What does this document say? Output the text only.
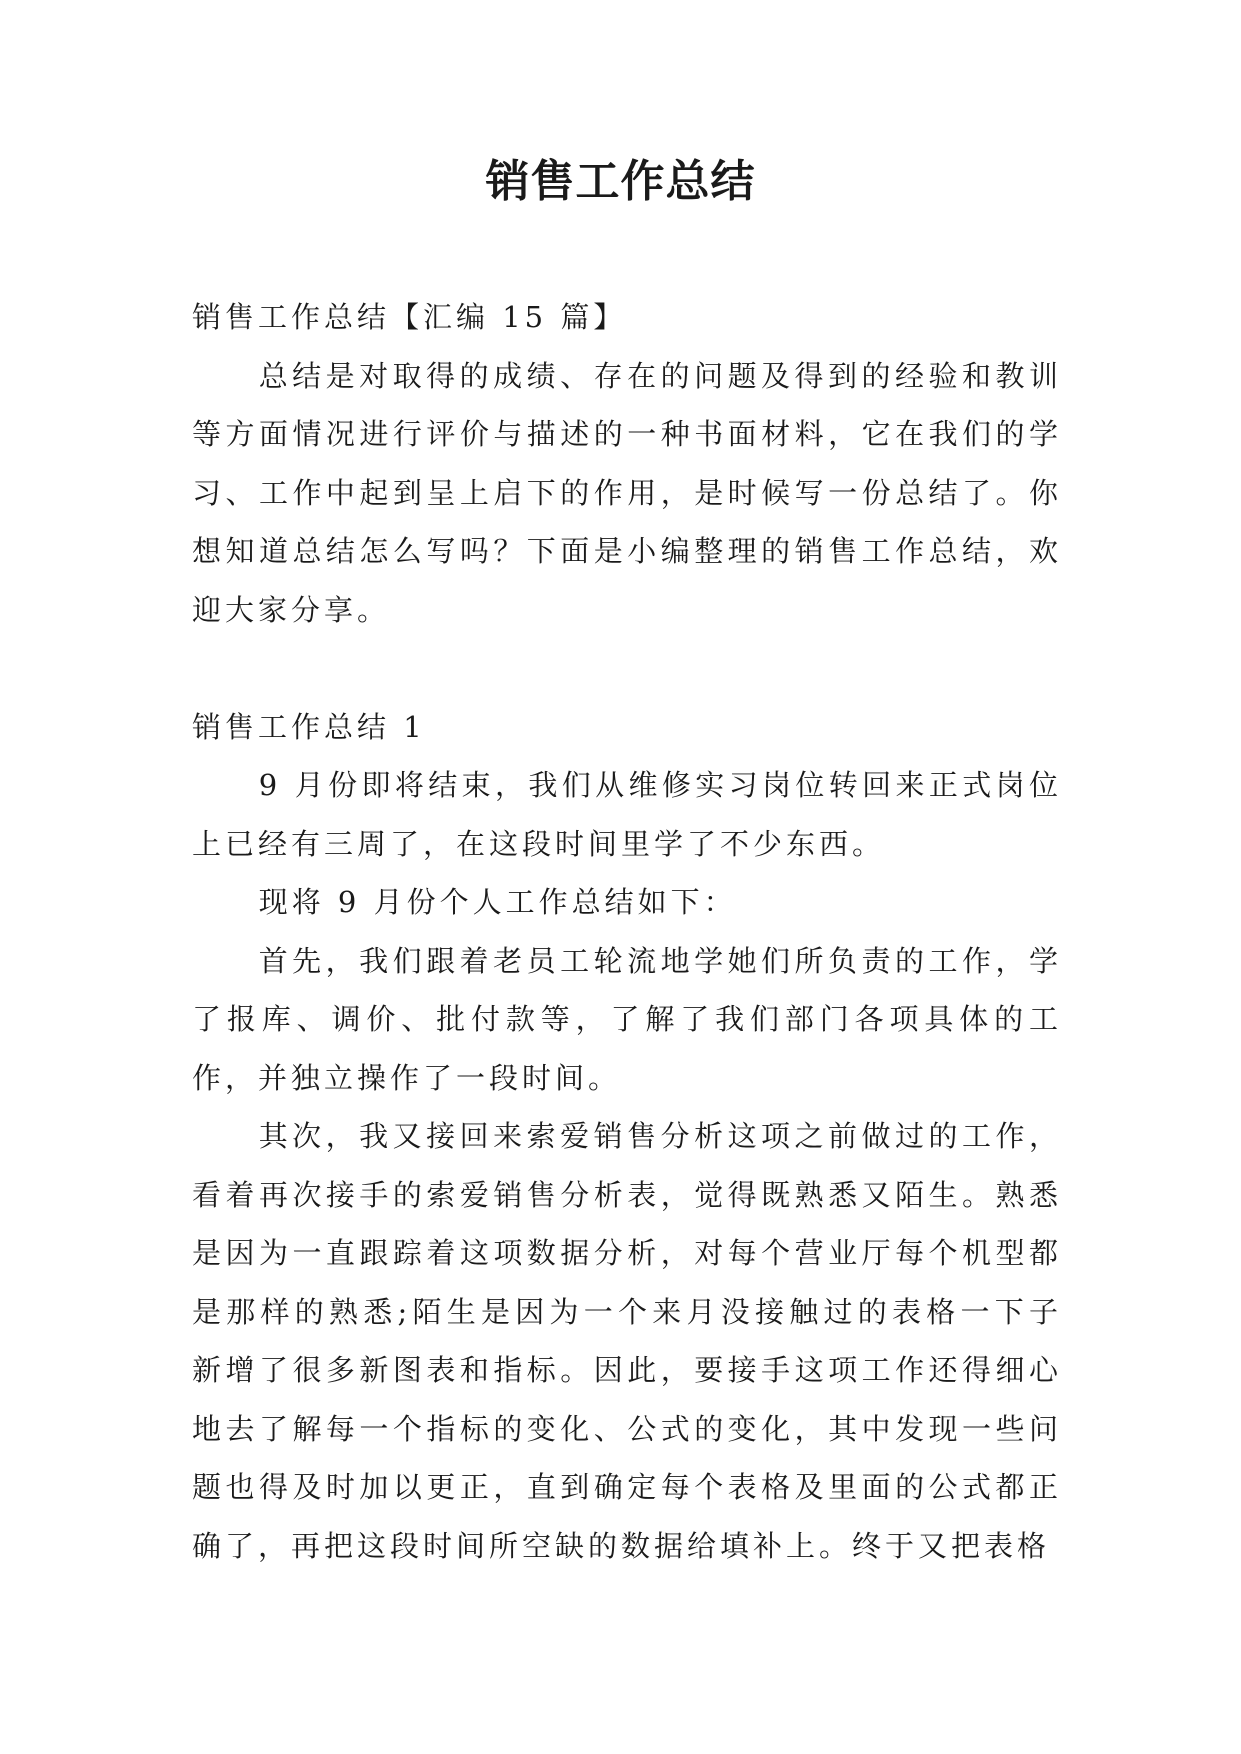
销售工作总结

销售工作总结【汇编 15 篇】

总结是对取得的成绩、存在的问题及得到的经验和教训等方面情况进行评价与描述的一种书面材料，它在我们的学习、工作中起到呈上启下的作用，是时候写一份总结了。你想知道总结怎么写吗？下面是小编整理的销售工作总结，欢迎大家分享。

销售工作总结 1

9 月份即将结束，我们从维修实习岗位转回来正式岗位上已经有三周了，在这段时间里学了不少东西。

现将 9 月份个人工作总结如下：

首先，我们跟着老员工轮流地学她们所负责的工作，学了报库、调价、批付款等，了解了我们部门各项具体的工作，并独立操作了一段时间。

其次，我又接回来索爱销售分析这项之前做过的工作，看着再次接手的索爱销售分析表，觉得既熟悉又陌生。熟悉是因为一直跟踪着这项数据分析，对每个营业厅每个机型都是那样的熟悉;陌生是因为一个来月没接触过的表格一下子新增了很多新图表和指标。因此，要接手这项工作还得细心地去了解每一个指标的变化、公式的变化，其中发现一些问题也得及时加以更正，直到确定每个表格及里面的公式都正确了，再把这段时间所空缺的数据给填补上。终于又把表格
